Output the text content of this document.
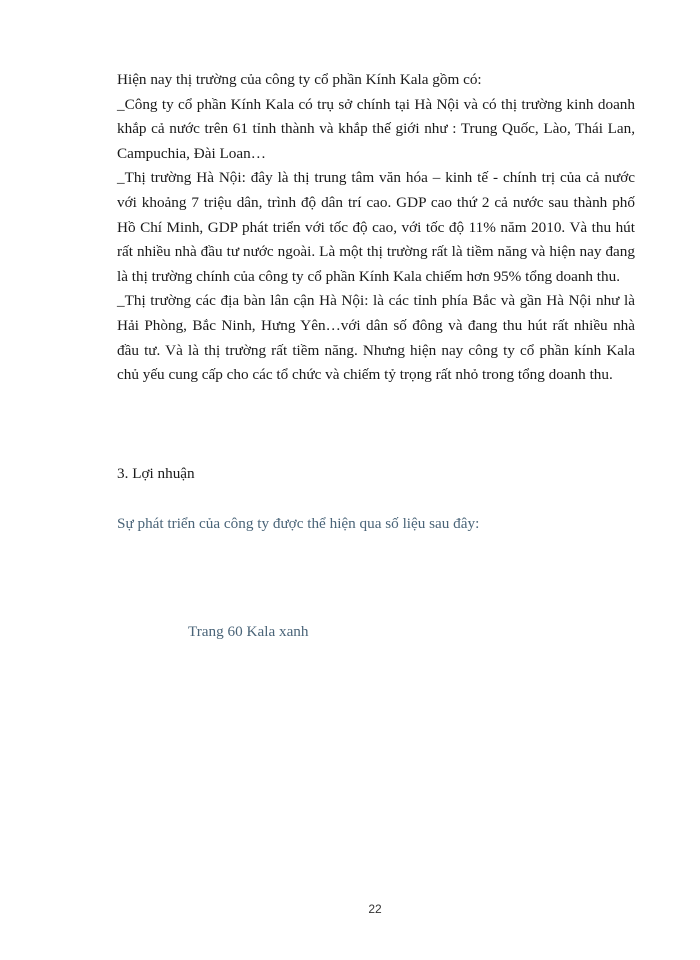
Hiện nay thị trường của công ty cổ phần Kính Kala gồm có:

_Công ty cổ phần Kính Kala có trụ sở chính tại Hà Nội và có thị trường kinh doanh khắp cả nước trên 61 tỉnh thành và khắp thế giới như : Trung Quốc, Lào, Thái Lan, Campuchia, Đài Loan…

_Thị trường Hà Nội: đây là thị trung tâm văn hóa – kinh tế - chính trị của cả nước với khoảng 7 triệu dân, trình độ dân trí cao. GDP cao thứ 2 cả nước sau thành phố Hồ Chí Minh, GDP phát triển với tốc độ cao, với tốc độ 11% năm 2010. Và thu hút rất nhiều nhà đầu tư nước ngoài. Là một thị trường rất là tiềm năng và hiện nay đang là thị trường chính của công ty cổ phần Kính Kala chiếm hơn 95% tổng doanh thu.

_Thị trường các địa bàn lân cận Hà Nội: là các tỉnh phía Bắc và gần Hà Nội như là Hải Phòng, Bắc Ninh, Hưng Yên…với dân số đông và đang thu hút rất nhiều nhà đầu tư. Và là thị trường rất tiềm năng. Nhưng hiện nay công ty cổ phần kính Kala chủ yếu cung cấp cho các tổ chức và chiếm tỷ trọng rất nhỏ trong tổng doanh thu.

3. Lợi nhuận

Sự phát triển của công ty được thể hiện qua số liệu sau đây:

Trang 60 Kala xanh

22
